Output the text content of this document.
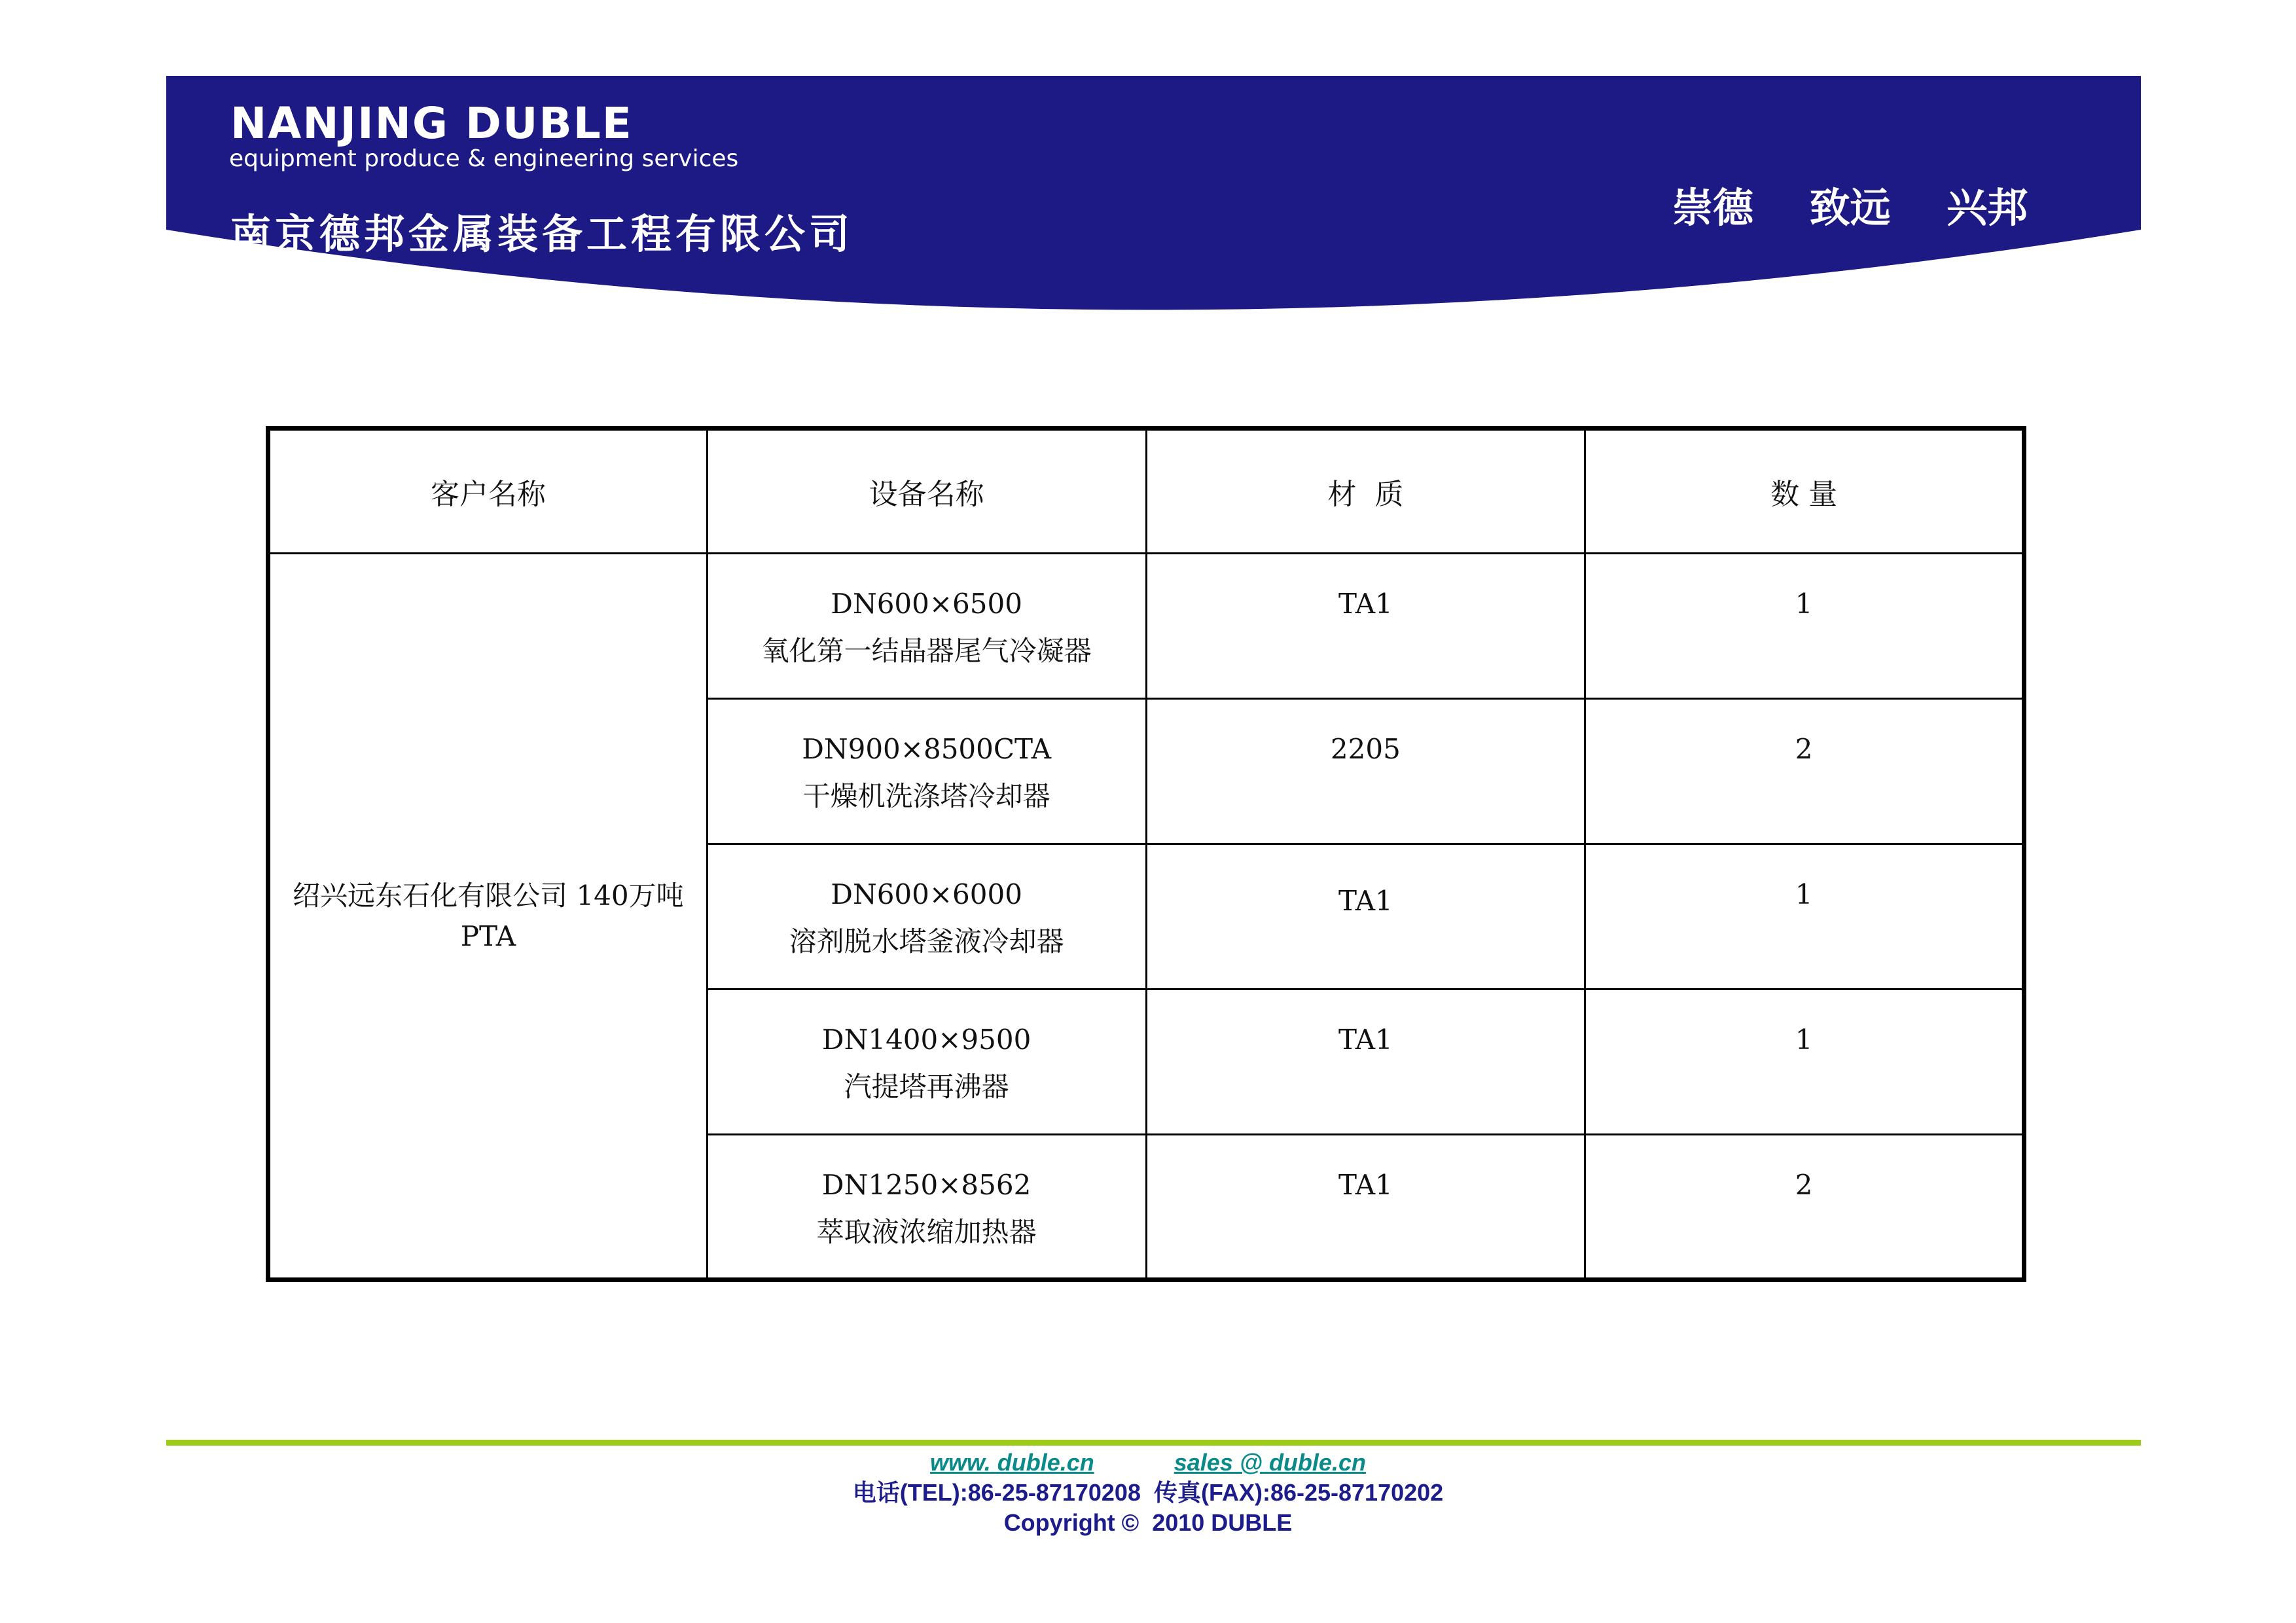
NANJING DUBLE
equipment produce & engineering services
南京德邦金属装备工程有限公司
崇德 致远 兴邦
客户名称	设备名称	材  质	数 量
绍兴远东石化有限公司 140万吨PTA	DN600×6500
氧化第一结晶器尾气冷凝器	TA1	1

	DN900×8500CTA
干燥机洗涤塔冷却器	2205	2

	DN600×6000
溶剂脱水塔釜液冷却器	TA1	1

	DN1400×9500
汽提塔再沸器	TA1	1

	DN1250×8562
萃取液浓缩加热器	TA1	2
www. duble.cn	sales @ duble.cn
电话(TEL):86-25-87170208  传真(FAX):86-25-87170202
Copyright ©  2010 DUBLE
